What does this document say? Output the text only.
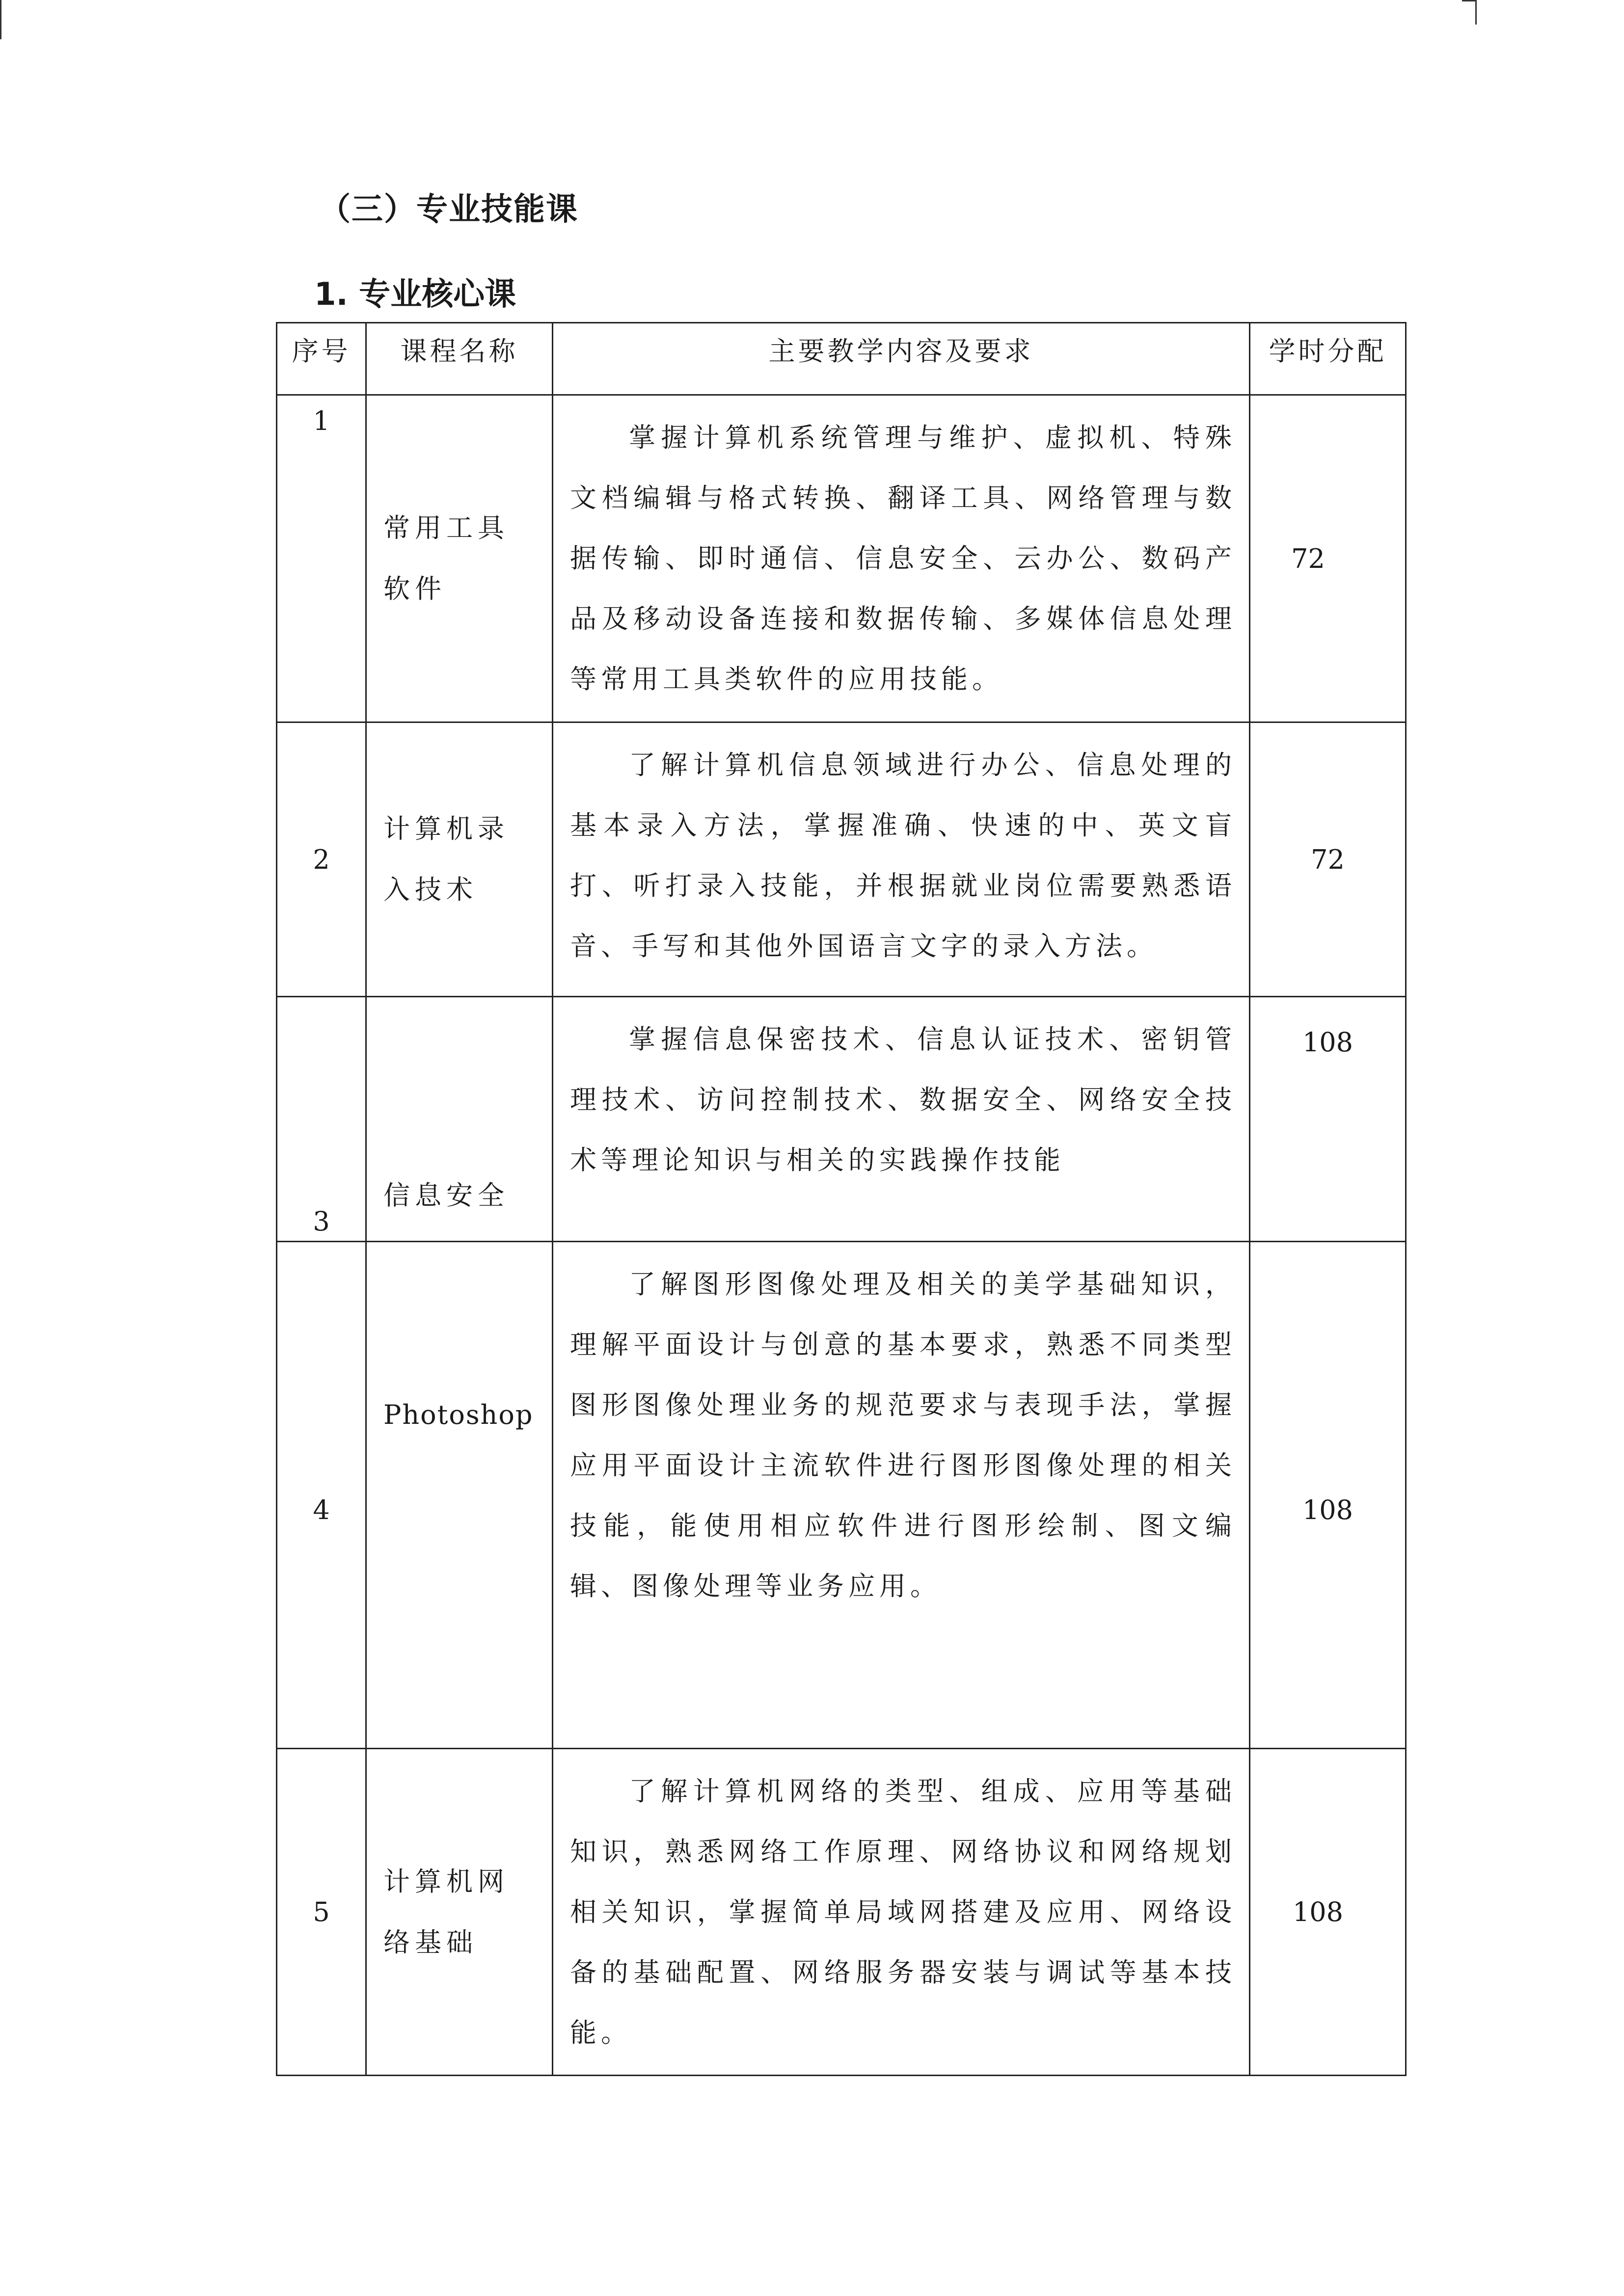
（三）专业技能课
1. 专业核心课
序号	课程名称	主要教学内容及要求	学时分配
1	常用工具软件	掌握计算机系统管理与维护、虚拟机、特殊文档编辑与格式转换、翻译工具、网络管理与数据传输、即时通信、信息安全、云办公、数码产品及移动设备连接和数据传输、多媒体信息处理等常用工具类软件的应用技能。	72
2	计算机录入技术	了解计算机信息领域进行办公、信息处理的基本录入方法，掌握准确、快速的中、英文盲打、听打录入技能，并根据就业岗位需要熟悉语音、手写和其他外国语言文字的录入方法。	72
3	信息安全	掌握信息保密技术、信息认证技术、密钥管理技术、访问控制技术、数据安全、网络安全技术等理论知识与相关的实践操作技能	108
4	Photoshop	了解图形图像处理及相关的美学基础知识，理解平面设计与创意的基本要求，熟悉不同类型图形图像处理业务的规范要求与表现手法，掌握应用平面设计主流软件进行图形图像处理的相关技能，能使用相应软件进行图形绘制、图文编辑、图像处理等业务应用。	108
5	计算机网络基础	了解计算机网络的类型、组成、应用等基础知识，熟悉网络工作原理、网络协议和网络规划相关知识，掌握简单局域网搭建及应用、网络设备的基础配置、网络服务器安装与调试等基本技能。	108
